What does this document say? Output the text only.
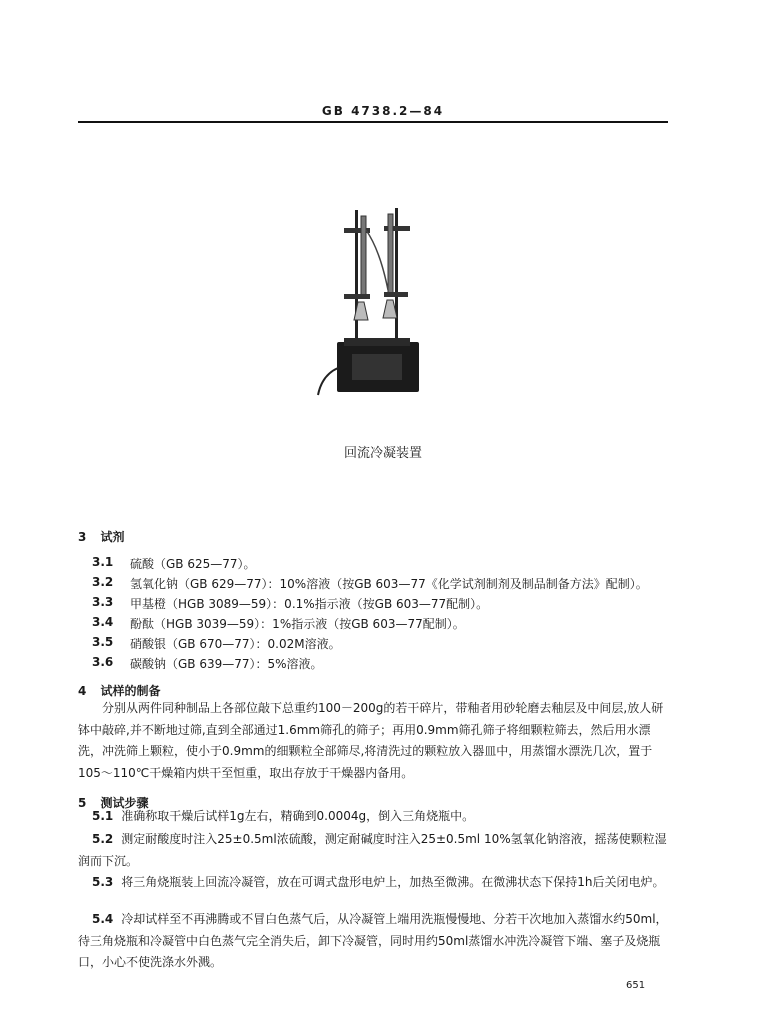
GB 4738.2—84
回流冷凝装置
3 试剂
3.1	硫酸（GB 625—77）。
3.2	氢氧化钠（GB 629—77）：10%溶液（按GB 603—77《化学试剂制剂及制品制备方法》配制）。
3.3	甲基橙（HGB 3089—59）：0.1%指示液（按GB 603—77配制）。
3.4	酚酞（HGB 3039—59）：1%指示液（按GB 603—77配制）。
3.5	硝酸银（GB 670—77）：0.02M溶液。
3.6	碳酸钠（GB 639—77）：5%溶液。
4 试样的制备
分别从两件同种制品上各部位敲下总重约100－200g的若干碎片，带釉者用砂轮磨去釉层及中间层,放人研钵中敲碎,并不断地过筛,直到全部通过1.6mm筛孔的筛子；再用0.9mm筛孔筛子将细颗粒筛去，然后用水漂洗，冲洗筛上颗粒，使小于0.9mm的细颗粒全部筛尽,将清洗过的颗粒放入器皿中，用蒸馏水漂洗几次，置于105～110℃干燥箱内烘干至恒重，取出存放于干燥器内备用。
5 测试步骤
5.1 准确称取干燥后试样1g左右，精确到0.0004g，倒入三角烧瓶中。
5.2 测定耐酸度时注入25±0.5ml浓硫酸，测定耐碱度时注入25±0.5ml 10%氢氧化钠溶液，摇荡使颗粒湿润而下沉。
5.3 将三角烧瓶装上回流冷凝管，放在可调式盘形电炉上，加热至微沸。在微沸状态下保持1h后关闭电炉。
5.4 冷却试样至不再沸腾或不冒白色蒸气后，从冷凝管上端用洗瓶慢慢地、分若干次地加入蒸馏水约50ml，待三角烧瓶和冷凝管中白色蒸气完全消失后，卸下冷凝管，同时用约50ml蒸馏水冲洗冷凝管下端、塞子及烧瓶口，小心不使洗涤水外溅。
651
